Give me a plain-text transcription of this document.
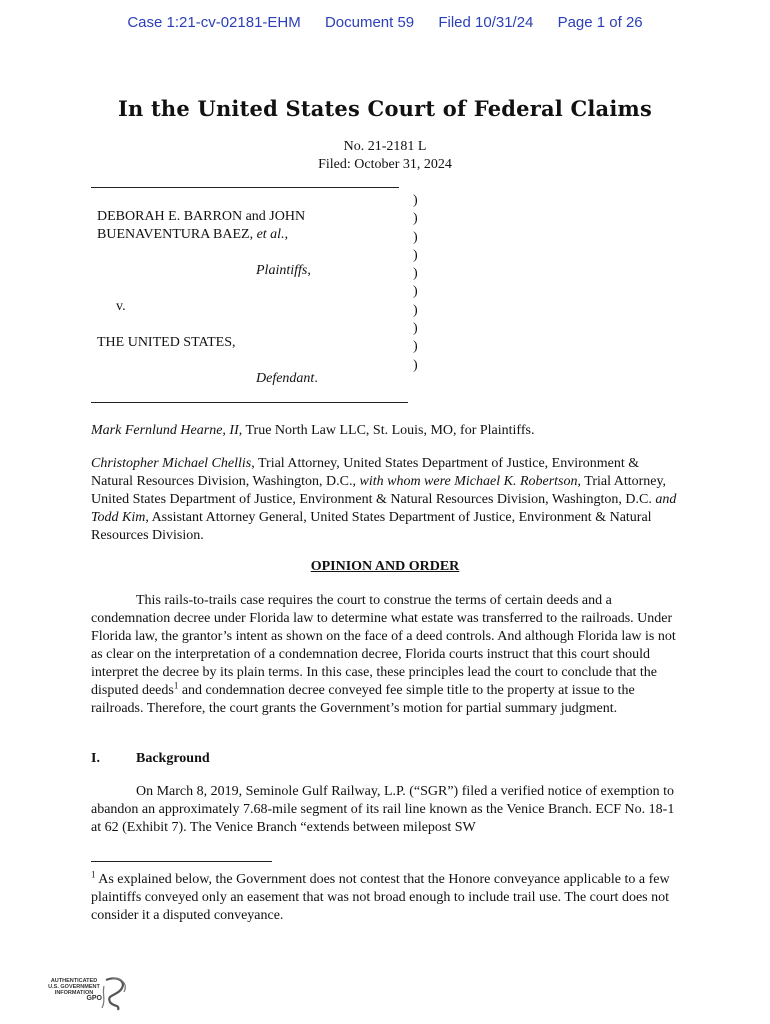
Case 1:21-cv-02181-EHM Document 59 Filed 10/31/24 Page 1 of 26
In the United States Court of Federal Claims
No. 21-2181 L
Filed: October 31, 2024
)
)
)
)
)
)
)
)
)
)
DEBORAH E. BARRON and JOHN
BUENAVENTURA BAEZ, et al.,
Plaintiffs,
v.
THE UNITED STATES,
Defendant.

Mark Fernlund Hearne, II, True North Law LLC, St. Louis, MO, for Plaintiffs.

Christopher Michael Chellis, Trial Attorney, United States Department of Justice, Environment & Natural Resources Division, Washington, D.C., with whom were Michael K. Robertson, Trial Attorney, United States Department of Justice, Environment & Natural Resources Division, Washington, D.C. and Todd Kim, Assistant Attorney General, United States Department of Justice, Environment & Natural Resources Division.

OPINION AND ORDER

This rails-to-trails case requires the court to construe the terms of certain deeds and a condemnation decree under Florida law to determine what estate was transferred to the railroads. Under Florida law, the grantor’s intent as shown on the face of a deed controls. And although Florida law is not as clear on the interpretation of a condemnation decree, Florida courts instruct that this court should interpret the decree by its plain terms. In this case, these principles lead the court to conclude that the disputed deeds$^1$ and condemnation decree conveyed fee simple title to the property at issue to the railroads. Therefore, the court grants the Government’s motion for partial summary judgment.

I.	Background

On March 8, 2019, Seminole Gulf Railway, L.P. (“SGR”) filed a verified notice of exemption to abandon an approximately 7.68-mile segment of its rail line known as the Venice Branch. ECF No. 18-1 at 62 (Exhibit 7). The Venice Branch “extends between milepost SW

$^1$ As explained below, the Government does not contest that the Honore conveyance applicable to a few plaintiffs conveyed only an easement that was not broad enough to include trail use. The court does not consider it a disputed conveyance.
AUTHENTICATED
U.S. GOVERNMENT
INFORMATION
GPO
